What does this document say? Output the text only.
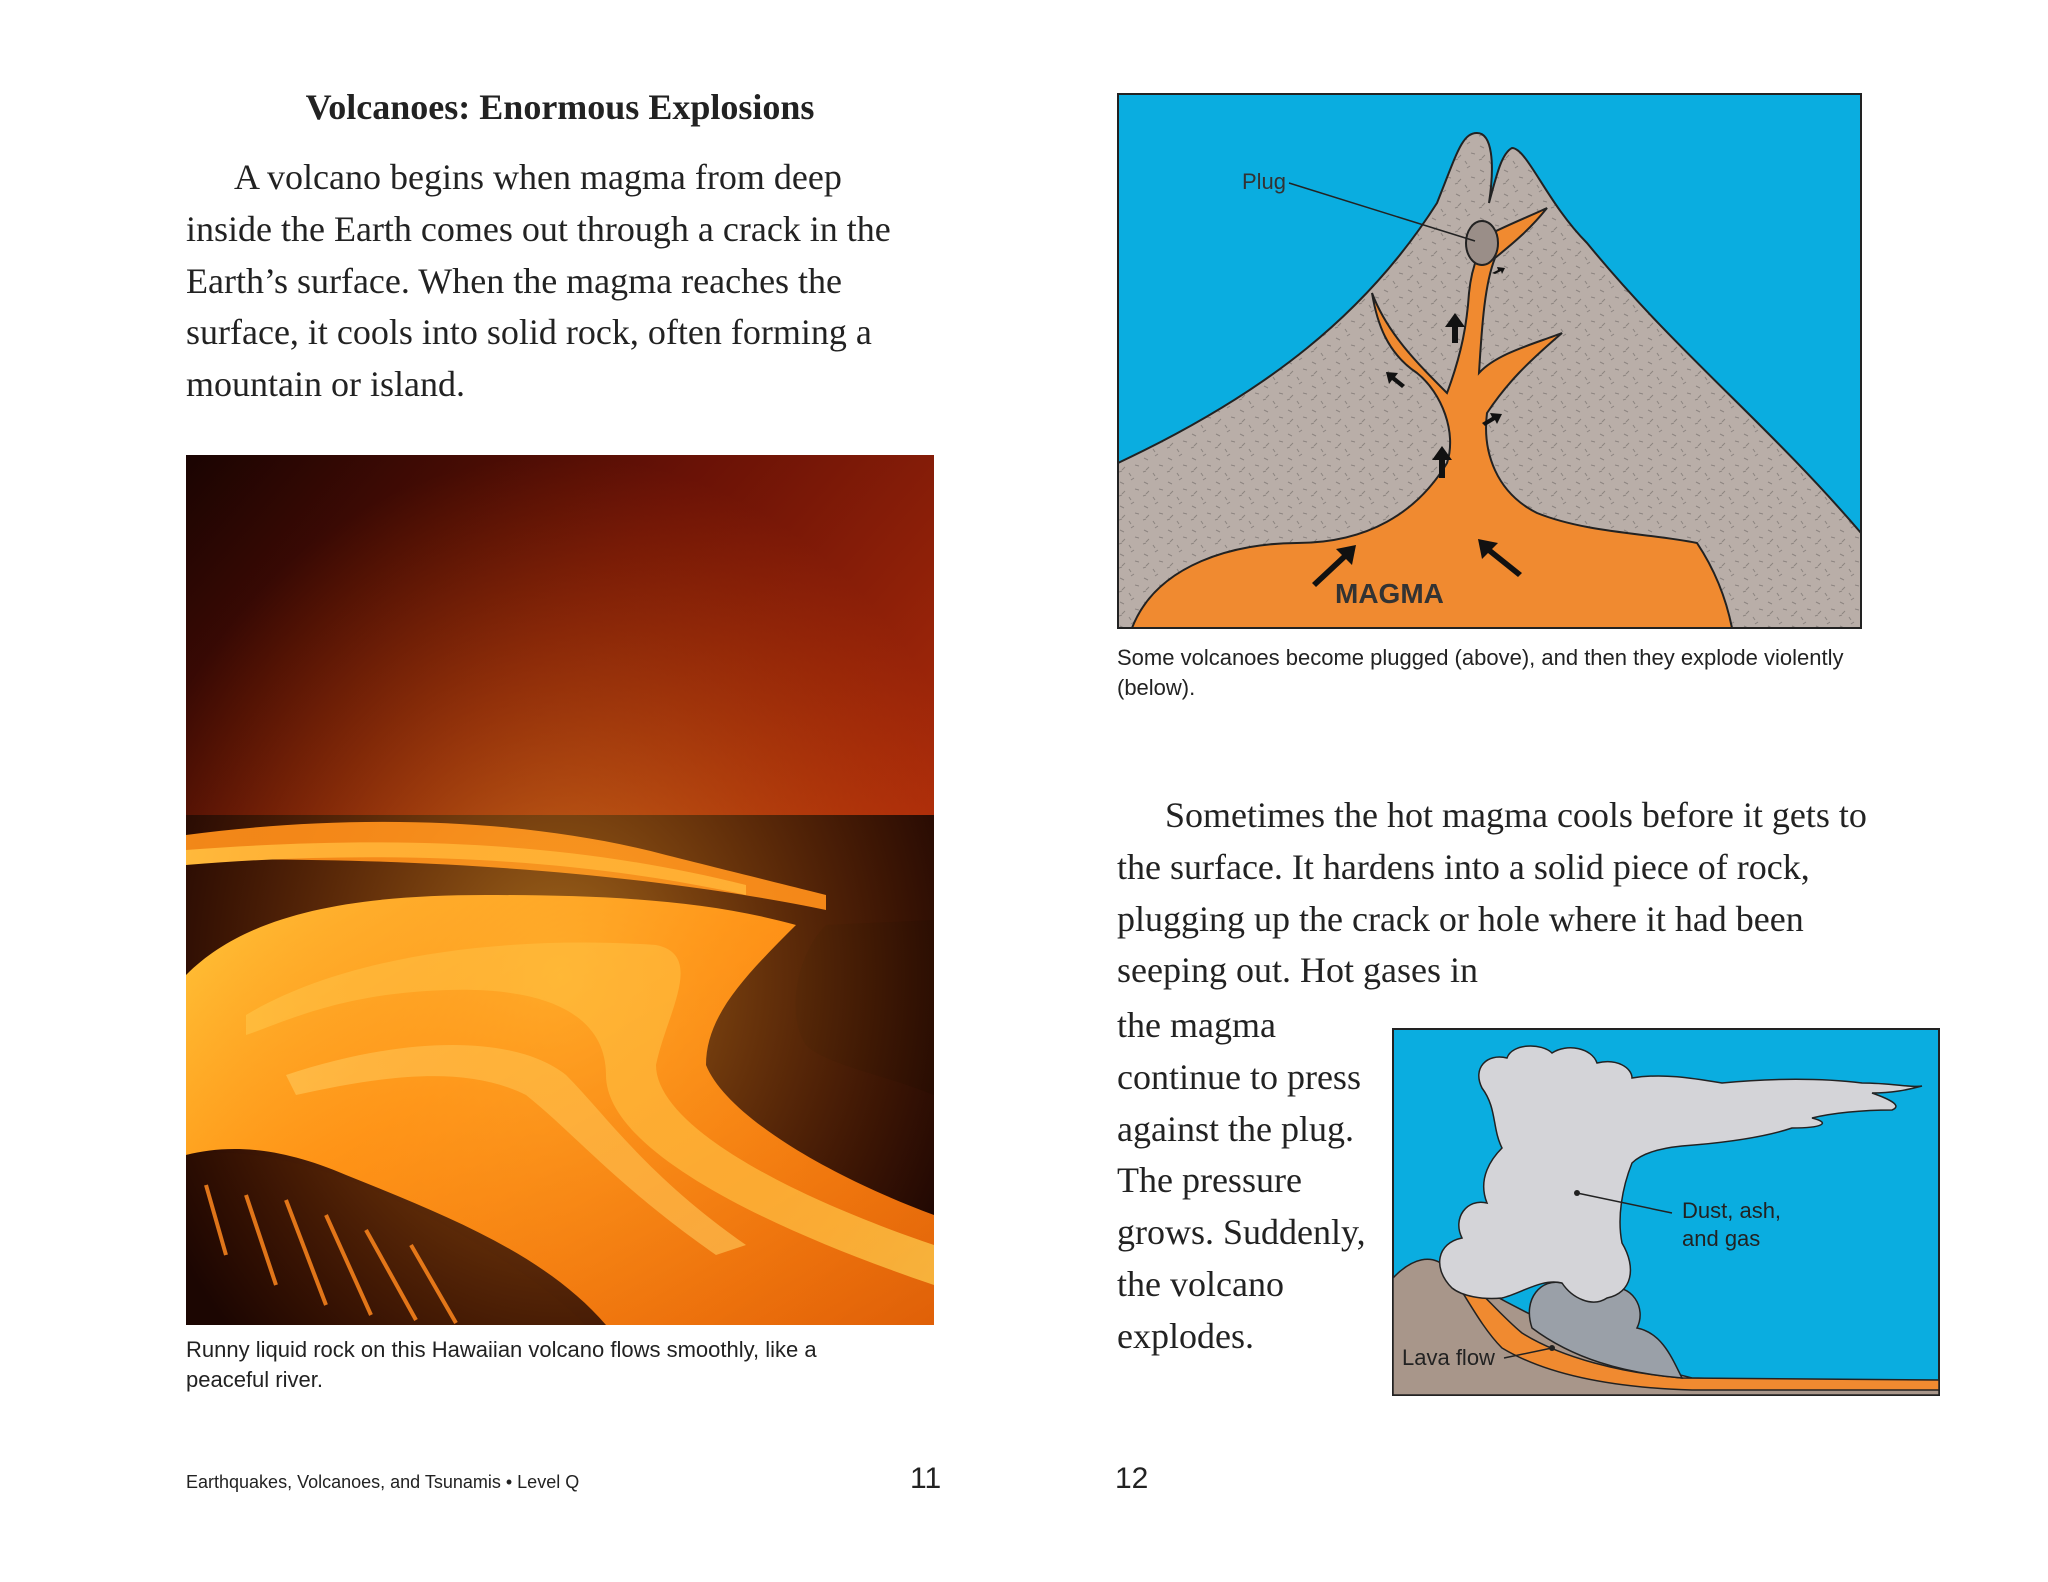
Volcanoes: Enormous Explosions

A volcano begins when magma from deep inside the Earth comes out through a crack in the Earth’s surface. When the magma reaches the surface, it cools into solid rock, often forming a mountain or island.

Runny liquid rock on this Hawaiian volcano flows smoothly, like a peaceful river.
Earthquakes, Volcanoes, and Tsunamis • Level Q	11
Plug
MAGMA
Some volcanoes become plugged (above), and then they explode violently (below).

Sometimes the hot magma cools before it gets to the surface. It hardens into a solid piece of rock, plugging up the crack or hole where it had been seeping out. Hot gases in

the magma continue to press against the plug. The pressure grows. Suddenly, the volcano explodes.
Dust, ash,
and gas
Lava flow
12
